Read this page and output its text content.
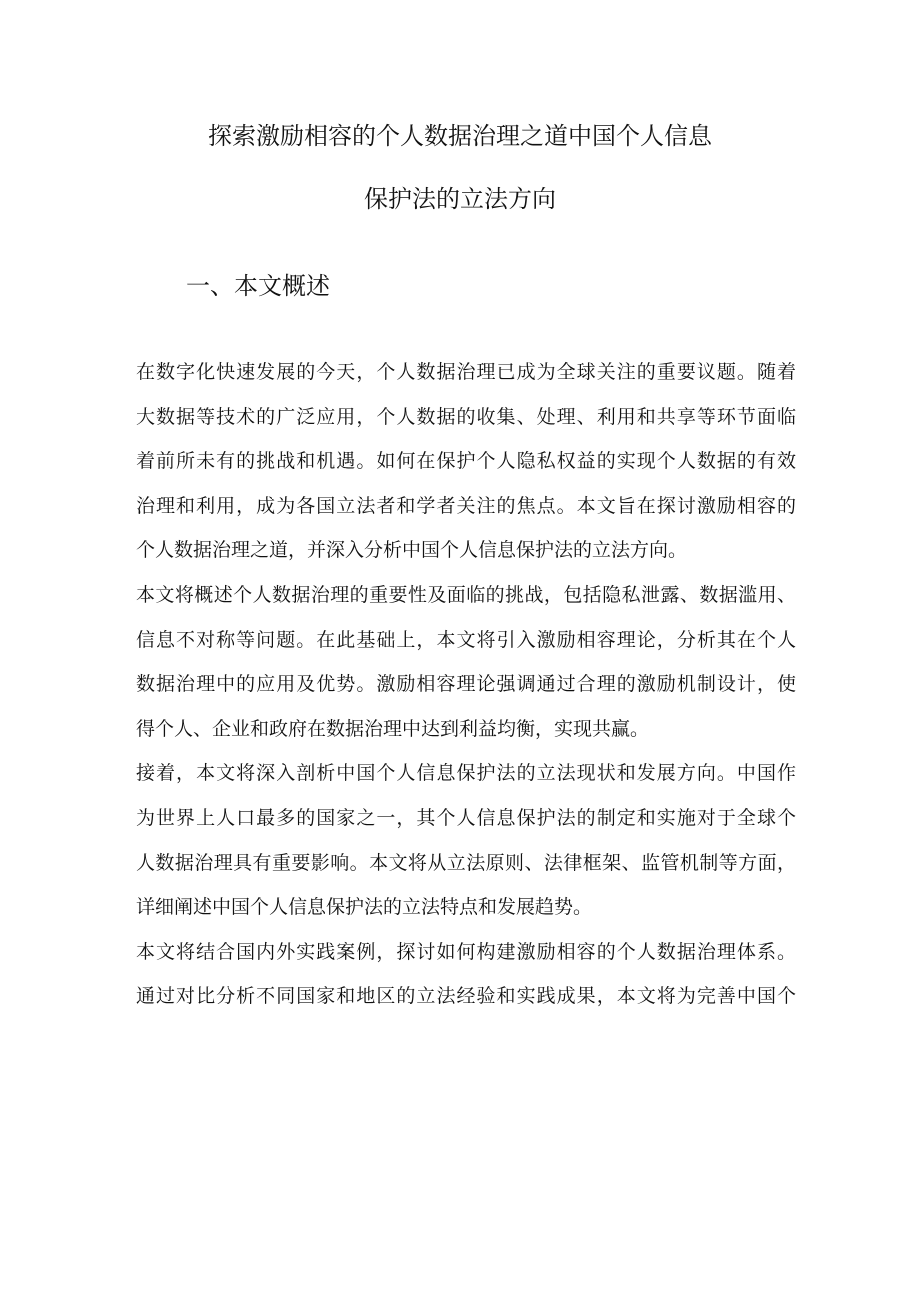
探索激励相容的个人数据治理之道中国个人信息
保护法的立法方向
一、本文概述
在数字化快速发展的今天，个人数据治理已成为全球关注的重要议题。随着
大数据等技术的广泛应用，个人数据的收集、处理、利用和共享等环节面临
着前所未有的挑战和机遇。如何在保护个人隐私权益的实现个人数据的有效
治理和利用，成为各国立法者和学者关注的焦点。本文旨在探讨激励相容的
个人数据治理之道，并深入分析中国个人信息保护法的立法方向。
本文将概述个人数据治理的重要性及面临的挑战，包括隐私泄露、数据滥用、
信息不对称等问题。在此基础上，本文将引入激励相容理论，分析其在个人
数据治理中的应用及优势。激励相容理论强调通过合理的激励机制设计，使
得个人、企业和政府在数据治理中达到利益均衡，实现共赢。
接着，本文将深入剖析中国个人信息保护法的立法现状和发展方向。中国作
为世界上人口最多的国家之一，其个人信息保护法的制定和实施对于全球个
人数据治理具有重要影响。本文将从立法原则、法律框架、监管机制等方面，
详细阐述中国个人信息保护法的立法特点和发展趋势。
本文将结合国内外实践案例，探讨如何构建激励相容的个人数据治理体系。
通过对比分析不同国家和地区的立法经验和实践成果，本文将为完善中国个
